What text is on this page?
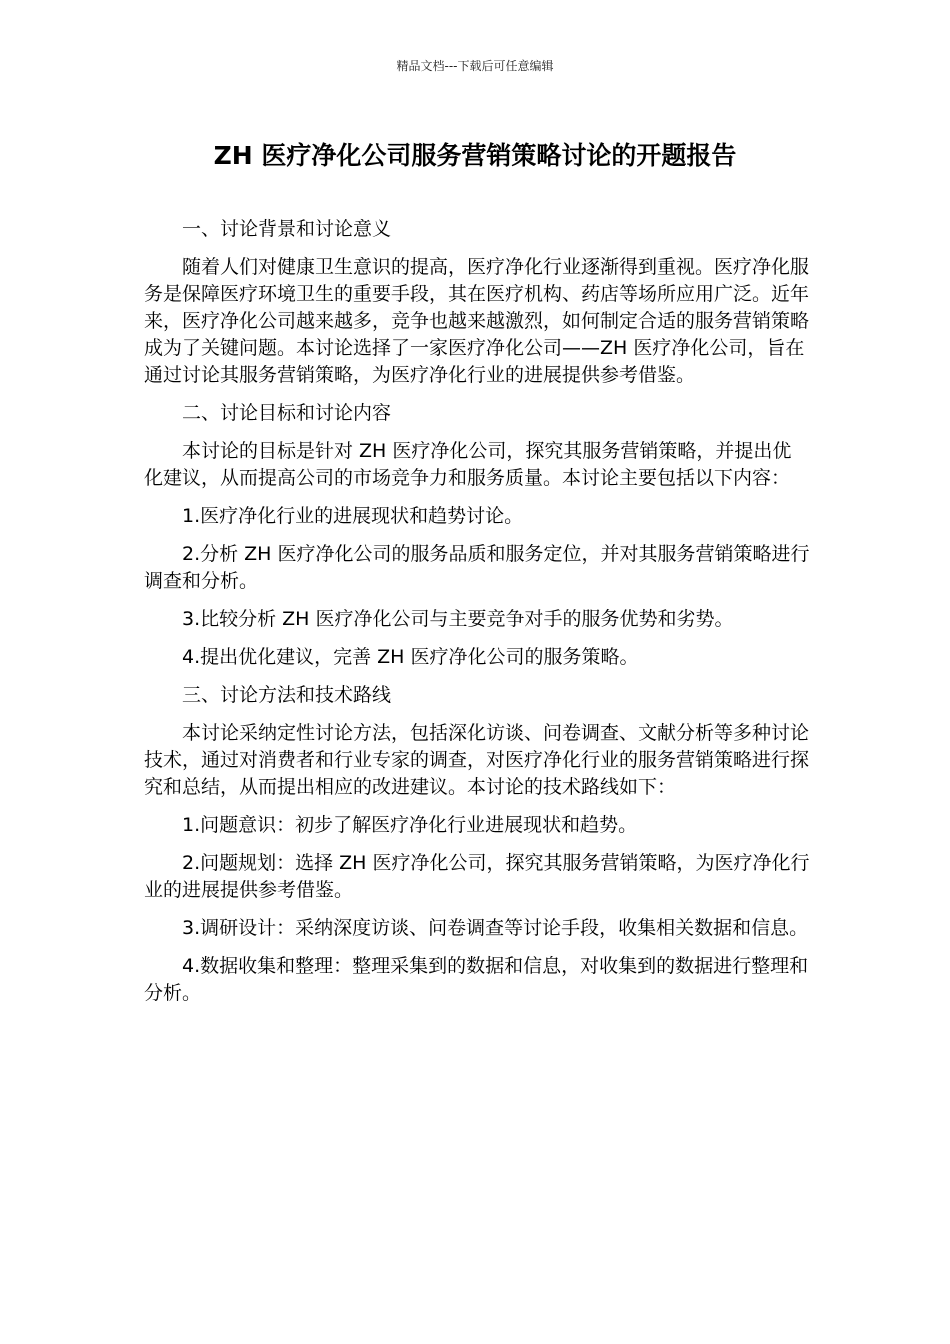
精品文档---下载后可任意编辑
ZH 医疗净化公司服务营销策略讨论的开题报告

一、讨论背景和讨论意义

随着人们对健康卫生意识的提高，医疗净化行业逐渐得到重视。医疗净化服务是保障医疗环境卫生的重要手段，其在医疗机构、药店等场所应用广泛。近年来，医疗净化公司越来越多，竞争也越来越激烈，如何制定合适的服务营销策略成为了关键问题。本讨论选择了一家医疗净化公司——ZH 医疗净化公司，旨在通过讨论其服务营销策略，为医疗净化行业的进展提供参考借鉴。

二、讨论目标和讨论内容

本讨论的目标是针对 ZH 医疗净化公司，探究其服务营销策略，并提出优化建议，从而提高公司的市场竞争力和服务质量。本讨论主要包括以下内容：

1.医疗净化行业的进展现状和趋势讨论。

2.分析 ZH 医疗净化公司的服务品质和服务定位，并对其服务营销策略进行调查和分析。

3.比较分析 ZH 医疗净化公司与主要竞争对手的服务优势和劣势。

4.提出优化建议，完善 ZH 医疗净化公司的服务策略。

三、讨论方法和技术路线

本讨论采纳定性讨论方法，包括深化访谈、问卷调查、文献分析等多种讨论技术，通过对消费者和行业专家的调查，对医疗净化行业的服务营销策略进行探究和总结，从而提出相应的改进建议。本讨论的技术路线如下：

1.问题意识：初步了解医疗净化行业进展现状和趋势。

2.问题规划：选择 ZH 医疗净化公司，探究其服务营销策略，为医疗净化行业的进展提供参考借鉴。

3.调研设计：采纳深度访谈、问卷调查等讨论手段，收集相关数据和信息。

4.数据收集和整理：整理采集到的数据和信息，对收集到的数据进行整理和分析。
